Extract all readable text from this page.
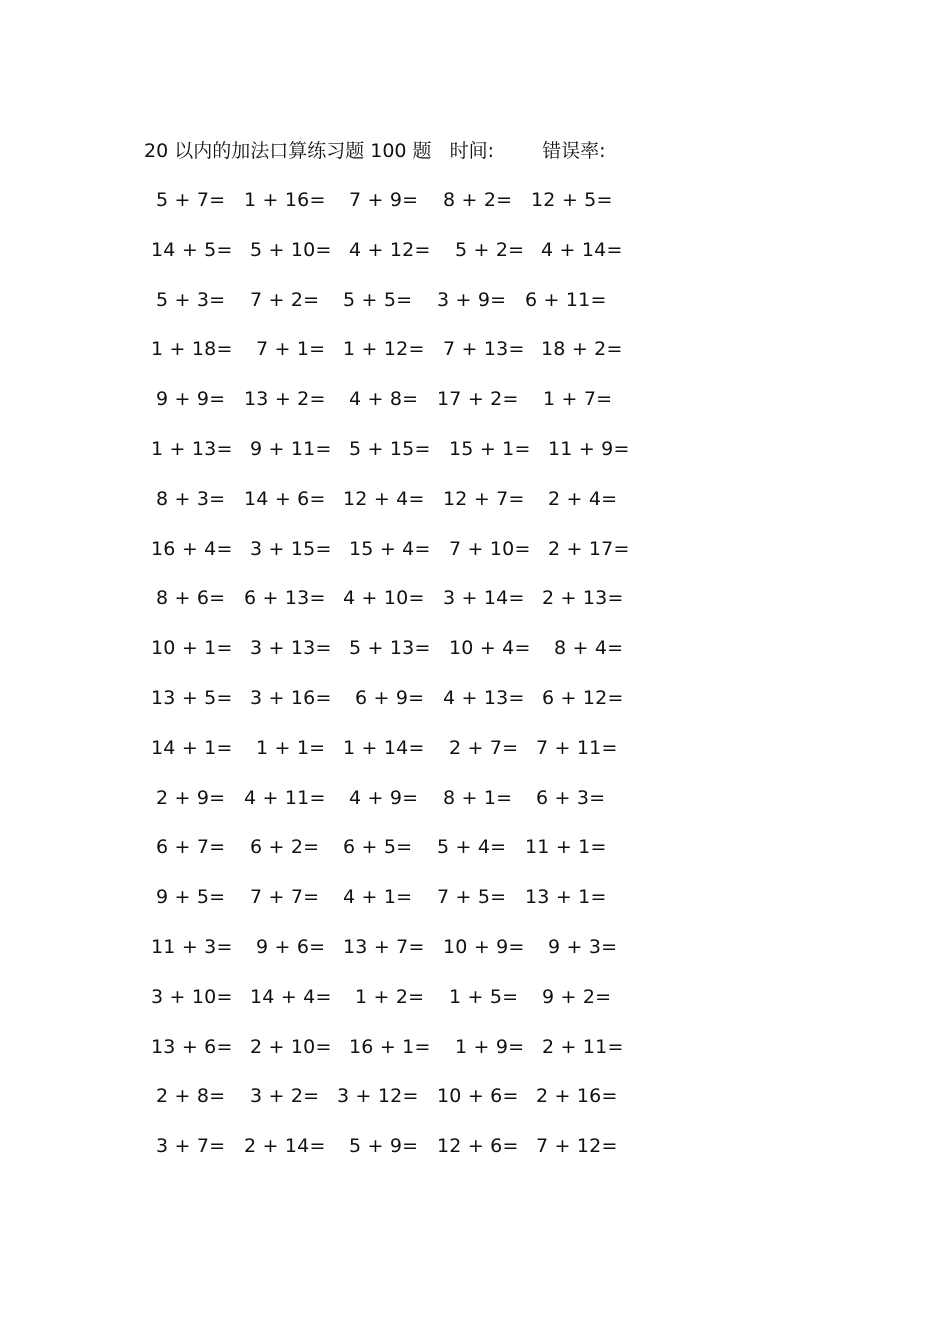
20 以内的加法口算练习题 100 题 时间:	错误率:
5 + 7= 1 + 16= 7 + 9= 8 + 2= 12 + 5=
14 + 5= 5 + 10= 4 + 12= 5 + 2= 4 + 14=
5 + 3= 7 + 2= 5 + 5= 3 + 9= 6 + 11=
1 + 18= 7 + 1= 1 + 12= 7 + 13= 18 + 2=
9 + 9= 13 + 2= 4 + 8= 17 + 2= 1 + 7=
1 + 13= 9 + 11= 5 + 15= 15 + 1= 11 + 9=
8 + 3= 14 + 6= 12 + 4= 12 + 7= 2 + 4=
16 + 4= 3 + 15= 15 + 4= 7 + 10= 2 + 17=
8 + 6= 6 + 13= 4 + 10= 3 + 14= 2 + 13=
10 + 1= 3 + 13= 5 + 13= 10 + 4= 8 + 4=
13 + 5= 3 + 16= 6 + 9= 4 + 13= 6 + 12=
14 + 1= 1 + 1= 1 + 14= 2 + 7= 7 + 11=
2 + 9= 4 + 11= 4 + 9= 8 + 1= 6 + 3=
6 + 7= 6 + 2= 6 + 5= 5 + 4= 11 + 1=
9 + 5= 7 + 7= 4 + 1= 7 + 5= 13 + 1=
11 + 3= 9 + 6= 13 + 7= 10 + 9= 9 + 3=
3 + 10= 14 + 4= 1 + 2= 1 + 5= 9 + 2=
13 + 6= 2 + 10= 16 + 1= 1 + 9= 2 + 11=
2 + 8= 3 + 2= 3 + 12= 10 + 6= 2 + 16=
3 + 7= 2 + 14= 5 + 9= 12 + 6= 7 + 12=
